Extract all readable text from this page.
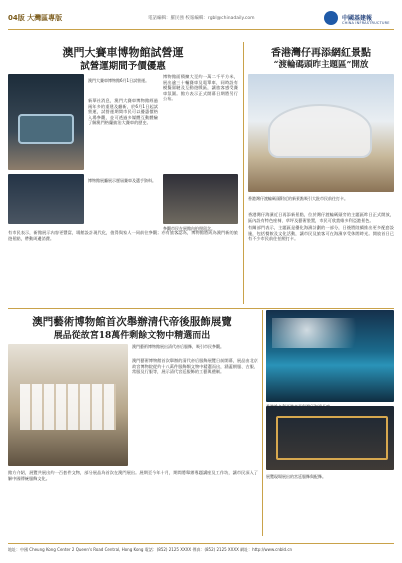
04版 大灣區專版	電話編輯：羅民強 校報編輯：rgbl@chinadaily.com	中國基建報
CHINA INFRASTRUCTURE
澳門大賽車博物館試營運
試營運期間予價優惠
香港灣仔再添網紅景點
“渡輪碼頭昨主題區”開放
澳門大賽車博物館6月1日試營運。

新華社消息，澳門大賽車博物館經過兩年多的重建及翻新，於6月1日起試營運，試營運期間市民可以優惠價格入場參觀，並可透過多媒體互動體驗了解澳門格蘭披治大賽車的歷史。

博物館面積擴大至約一萬二千平方米，展出逾三十輛賽車及電單車，同時設有模擬駕駛及互動遊戲區，讓旅客感受賽車氛圍。館方表示正式開幕日期將另行公布。

博物館展廳展示歷屆賽車及選手資料。
參觀市民在展館內拍照留念。

有市民表示，新館展示內容更豐富，場館設計現代化，值得與家人一同前往參觀；亦有旅客認為，博物館將成為澳門新的旅遊景點，帶動周邊消費。

香港灣仔渡輪碼頭附近的新景點吸引大批市民前往打卡。

香港灣仔海濱近日再添新景點，位於灣仔渡輪碼頭旁的主題區昨日正式開放，區內設有特色座椅、草坪及藝術裝置，市民可欣賞維多利亞港景色。

有關部門表示，主題區是優化海濱計劃的一部分，日後將陸續推出更多配套設施，包括餐飲及文化活動，讓市民及旅客可在海濱享受休閒時光。開放首日已有不少市民前往拍照打卡。

澳門藝術博物館首次舉辦清代帝後服飾展覽
展品從故宮18萬件剩餘文物中精選而出
澳門藝術博物館展出清代帝后服飾，吸引市民參觀。

澳門藝術博物館首次舉辦的清代帝后服飾展覽日前開幕，展品由北京故宮博物院從約十八萬件服飾類文物中精選而出，涵蓋朝服、吉服、常服及行服等，展示清代宮廷服飾的工藝與禮制。

館方介紹，展覽共展出約一百套件文物，部分展品為首次在澳門展出。展期至今年十月，期間將舉辦專題講座及工作坊，讓市民深入了解中國傳統服飾文化。	展覽現場展出的宮廷服飾與配飾。
地址：中國 Cheung Kong Center 2 Queen's Road Central, Hong Kong 電話：(852) 2125 XXXX 傳真：(852) 2125 XXXX 網址：http://www.cnbld.cn
